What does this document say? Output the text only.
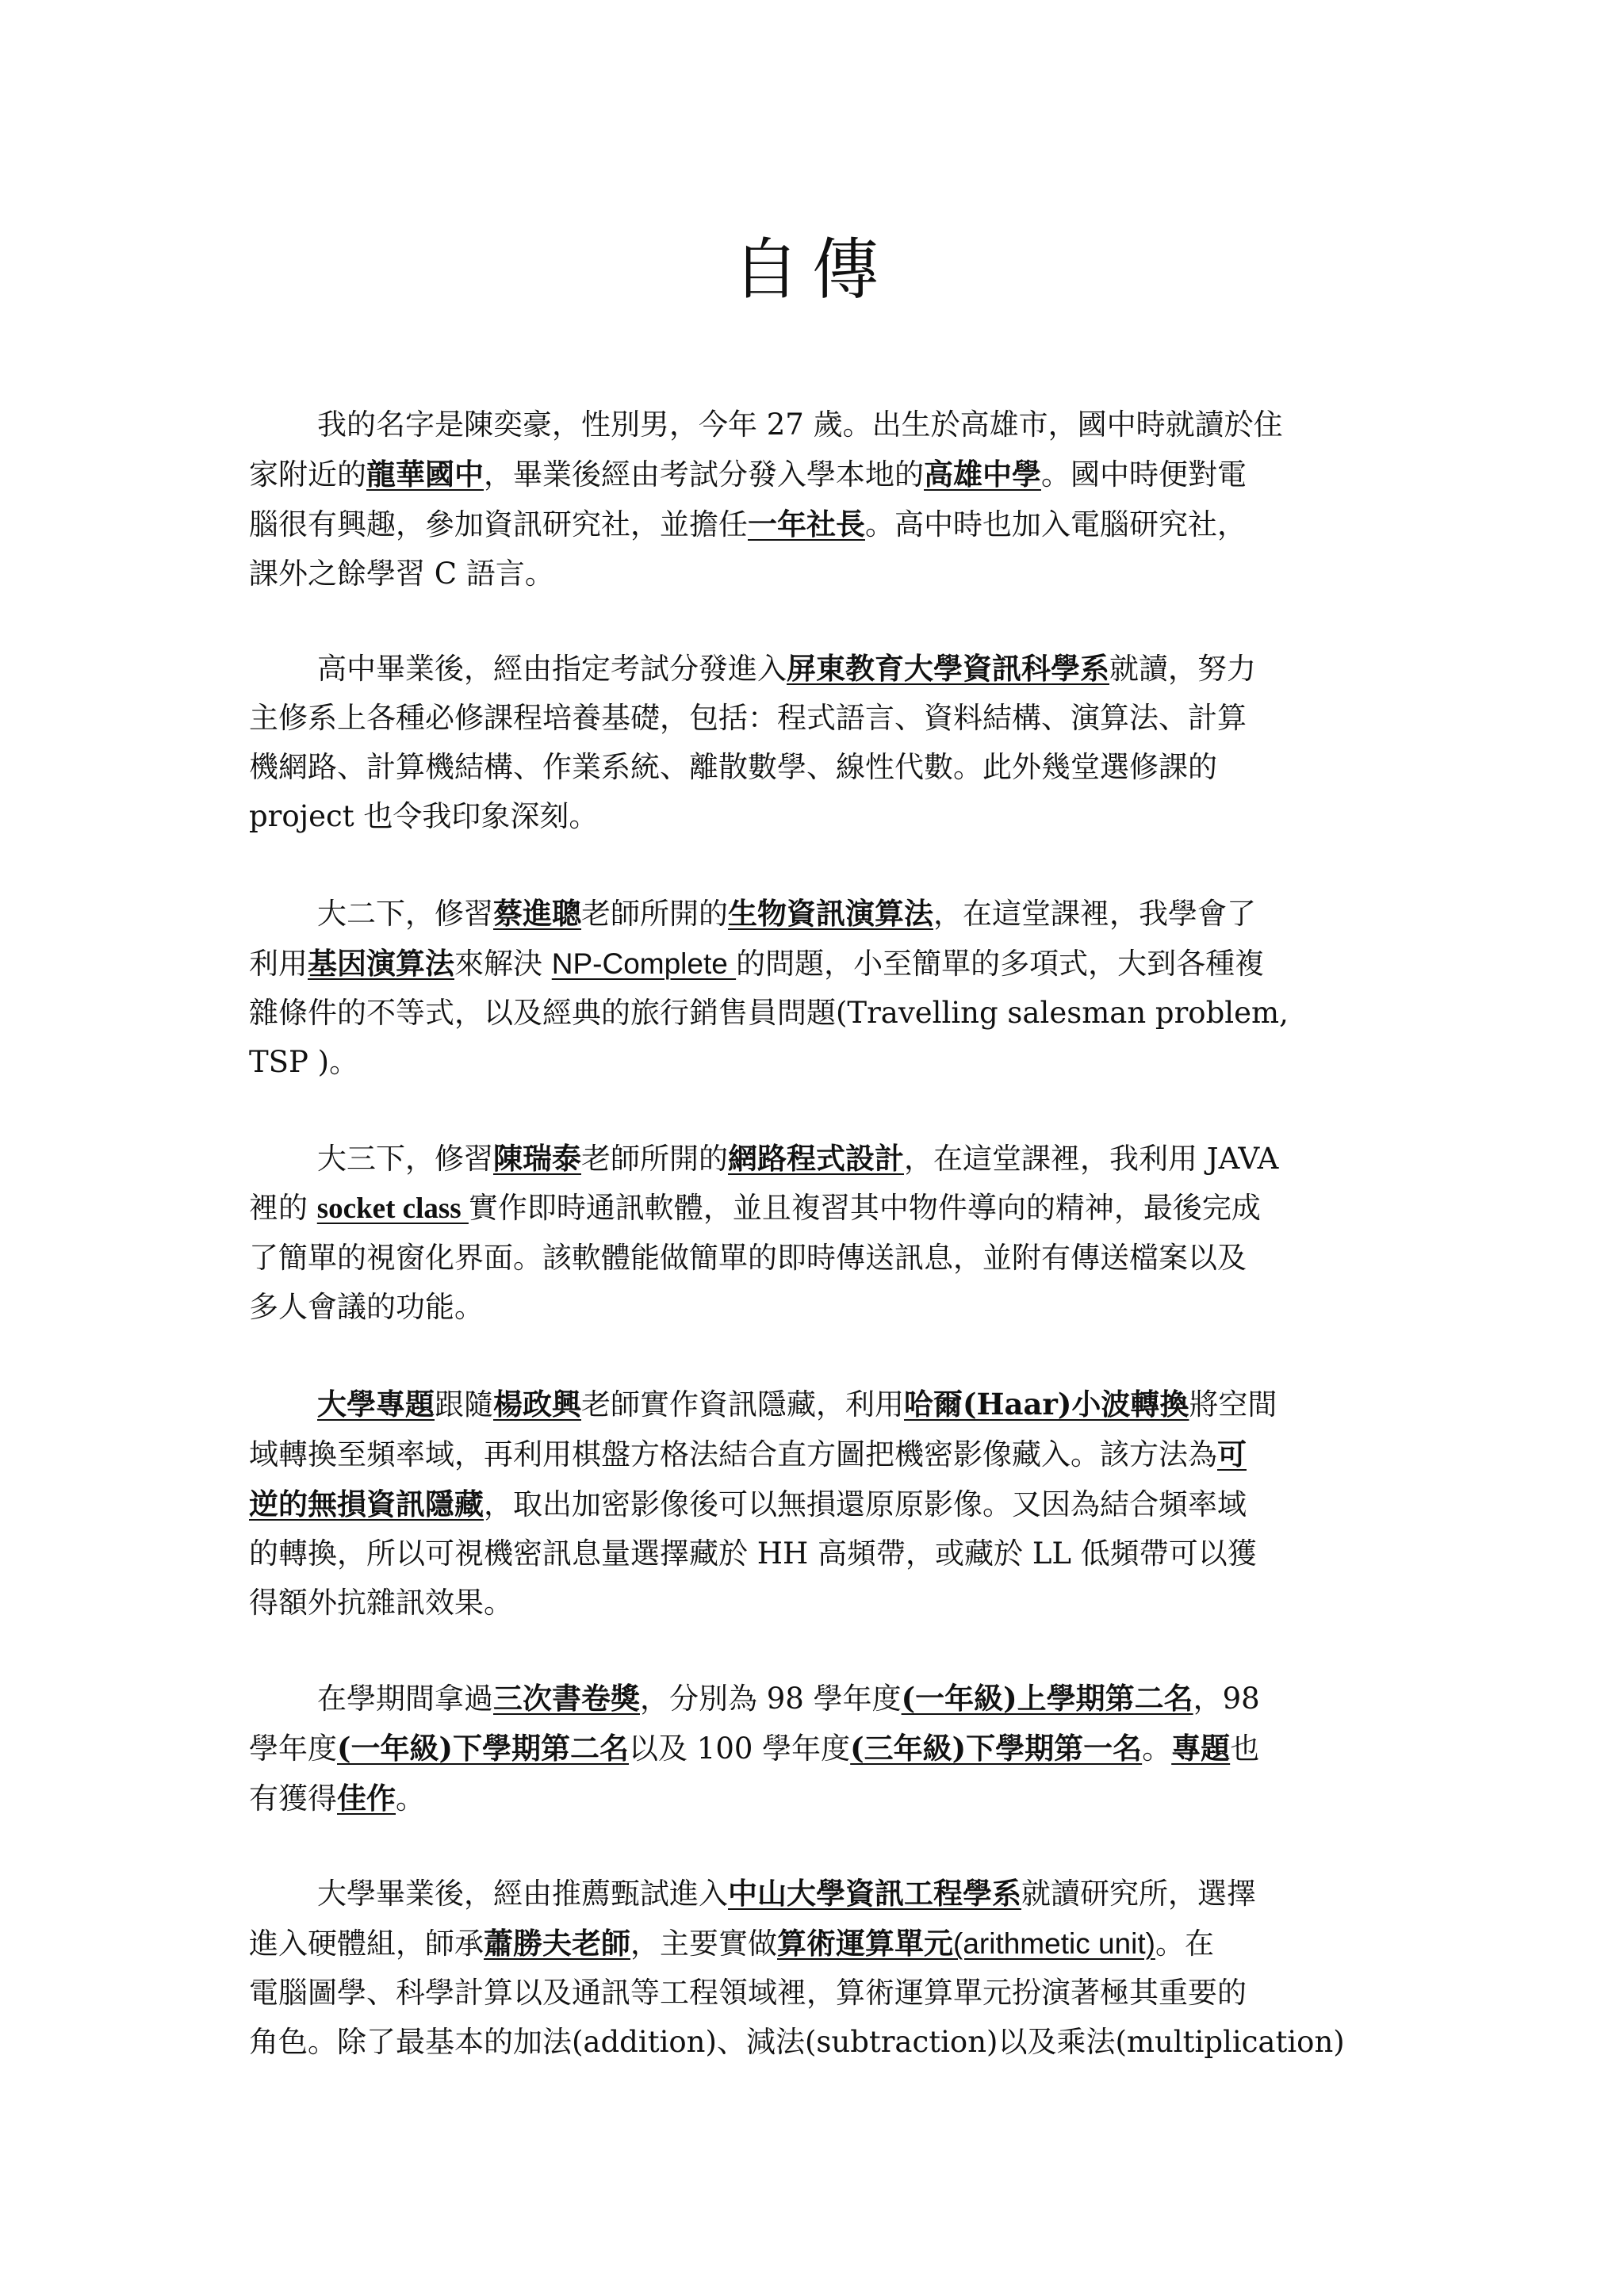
自傳
我的名字是陳奕豪，性別男，今年 27 歲。出生於高雄市，國中時就讀於住
家附近的龍華國中，畢業後經由考試分發入學本地的高雄中學。國中時便對電
腦很有興趣，參加資訊研究社，並擔任一年社長。高中時也加入電腦研究社，
課外之餘學習 C 語言。
高中畢業後，經由指定考試分發進入屏東教育大學資訊科學系就讀，努力
主修系上各種必修課程培養基礎，包括：程式語言、資料結構、演算法、計算
機網路、計算機結構、作業系統、離散數學、線性代數。此外幾堂選修課的
project 也令我印象深刻。
大二下，修習蔡進聰老師所開的生物資訊演算法，在這堂課裡，我學會了
利用基因演算法來解決 NP-Complete 的問題，小至簡單的多項式，大到各種複
雜條件的不等式，以及經典的旅行銷售員問題(Travelling salesman problem,
TSP )。
大三下，修習陳瑞泰老師所開的網路程式設計，在這堂課裡，我利用 JAVA
裡的 socket class 實作即時通訊軟體，並且複習其中物件導向的精神，最後完成
了簡單的視窗化界面。該軟體能做簡單的即時傳送訊息，並附有傳送檔案以及
多人會議的功能。
大學專題跟隨楊政興老師實作資訊隱藏，利用哈爾(Haar)小波轉換將空間
域轉換至頻率域，再利用棋盤方格法結合直方圖把機密影像藏入。該方法為可
逆的無損資訊隱藏，取出加密影像後可以無損還原原影像。又因為結合頻率域
的轉換，所以可視機密訊息量選擇藏於 HH 高頻帶，或藏於 LL 低頻帶可以獲
得額外抗雜訊效果。
在學期間拿過三次書卷獎，分別為 98 學年度(一年級)上學期第二名，98
學年度(一年級)下學期第二名以及 100 學年度(三年級)下學期第一名。專題也
有獲得佳作。
大學畢業後，經由推薦甄試進入中山大學資訊工程學系就讀研究所，選擇
進入硬體組，師承蕭勝夫老師，主要實做算術運算單元(arithmetic unit)。在
電腦圖學、科學計算以及通訊等工程領域裡，算術運算單元扮演著極其重要的
角色。除了最基本的加法(addition)、減法(subtraction)以及乘法(multiplication)
